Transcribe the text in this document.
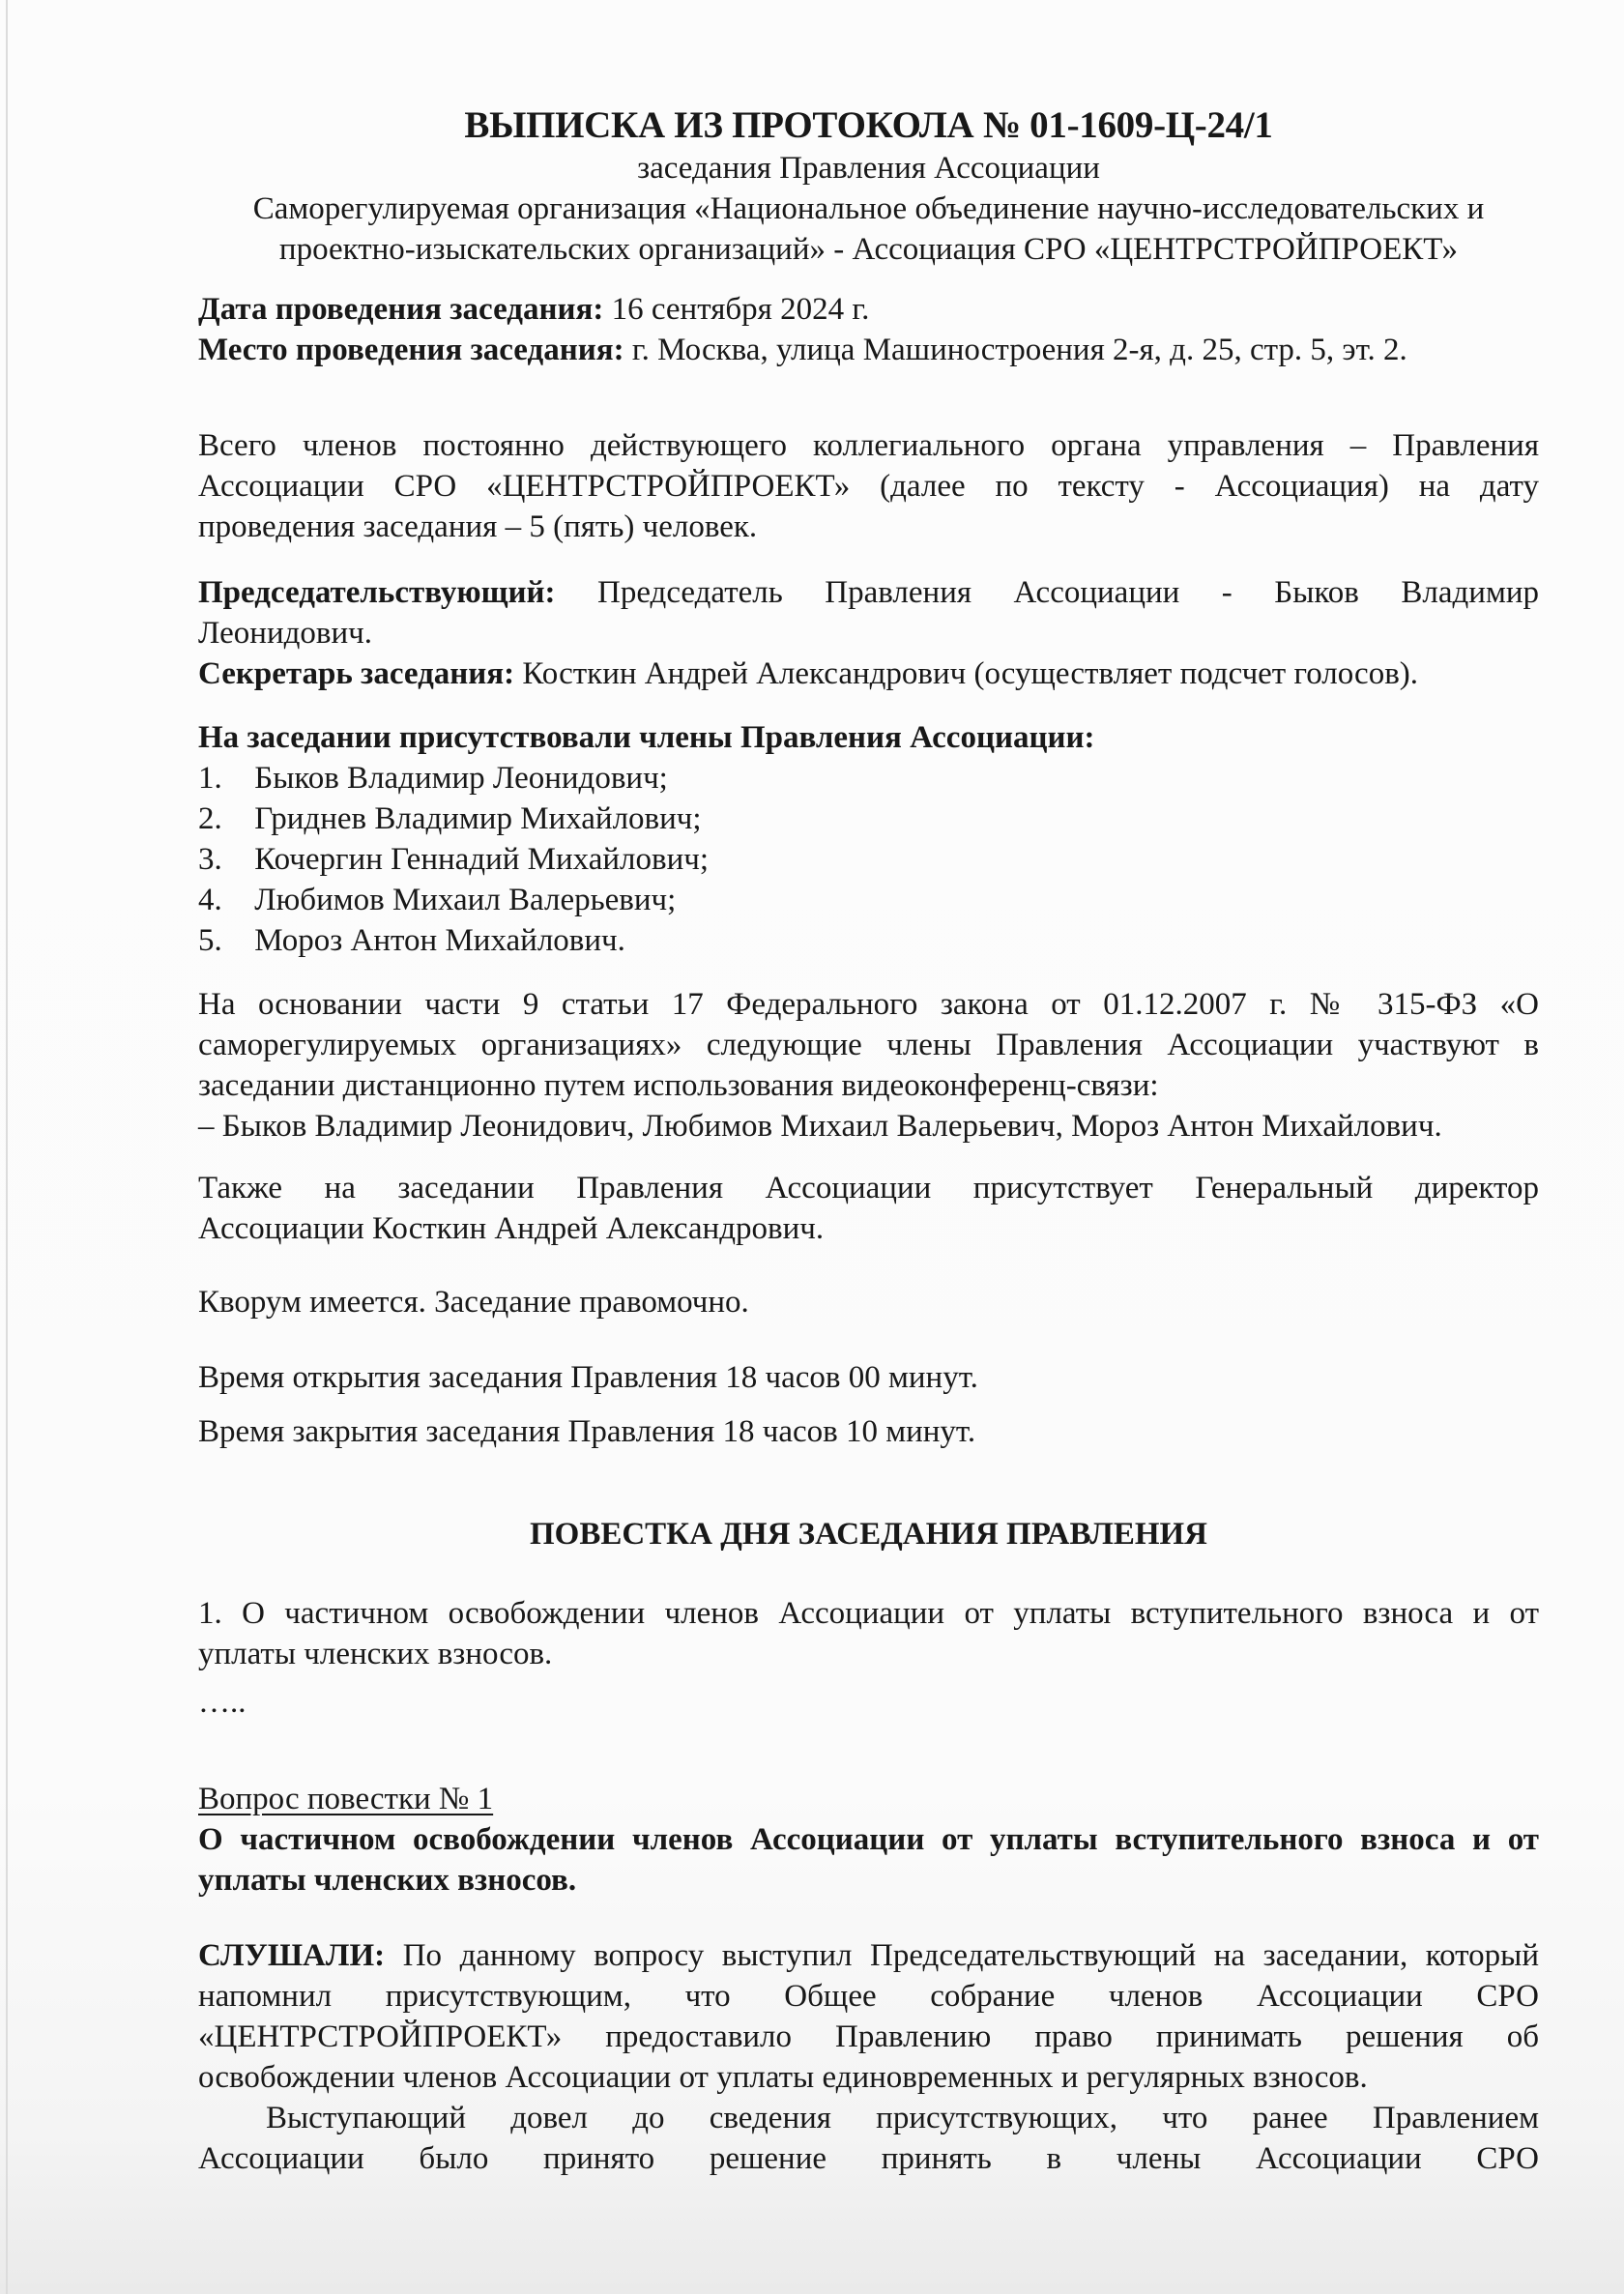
ВЫПИСКА ИЗ ПРОТОКОЛА № 01-1609-Ц-24/1
заседания Правления Ассоциации
Саморегулируемая организация «Национальное объединение научно-исследовательских и
проектно-изыскательских организаций» - Ассоциация СРО «ЦЕНТРСТРОЙПРОЕКТ»
Дата проведения заседания: 16 сентября 2024 г.
Место проведения заседания: г. Москва, улица Машиностроения 2-я, д. 25, стр. 5, эт. 2.
Всего членов постоянно действующего коллегиального органа управления – Правления
Ассоциации СРО «ЦЕНТРСТРОЙПРОЕКТ» (далее по тексту - Ассоциация) на дату
проведения заседания – 5 (пять) человек.
Председательствующий: Председатель Правления Ассоциации - Быков Владимир
Леонидович.
Секретарь заседания: Косткин Андрей Александрович (осуществляет подсчет голосов).
На заседании присутствовали члены Правления Ассоциации:
1. Быков Владимир Леонидович;
2. Гриднев Владимир Михайлович;
3. Кочергин Геннадий Михайлович;
4. Любимов Михаил Валерьевич;
5. Мороз Антон Михайлович.
На основании части 9 статьи 17 Федерального закона от 01.12.2007 г. № 315-ФЗ «О
саморегулируемых организациях» следующие члены Правления Ассоциации участвуют в
заседании дистанционно путем использования видеоконференц-связи:
– Быков Владимир Леонидович, Любимов Михаил Валерьевич, Мороз Антон Михайлович.
Также на заседании Правления Ассоциации присутствует Генеральный директор
Ассоциации Косткин Андрей Александрович.
Кворум имеется. Заседание правомочно.
Время открытия заседания Правления 18 часов 00 минут.
Время закрытия заседания Правления 18 часов 10 минут.
ПОВЕСТКА ДНЯ ЗАСЕДАНИЯ ПРАВЛЕНИЯ
1. О частичном освобождении членов Ассоциации от уплаты вступительного взноса и от
уплаты членских взносов.
…..
Вопрос повестки № 1
О частичном освобождении членов Ассоциации от уплаты вступительного взноса и от
уплаты членских взносов.
СЛУШАЛИ: По данному вопросу выступил Председательствующий на заседании, который
напомнил присутствующим, что Общее собрание членов Ассоциации СРО
«ЦЕНТРСТРОЙПРОЕКТ» предоставило Правлению право принимать решения об
освобождении членов Ассоциации от уплаты единовременных и регулярных взносов.
Выступающий довел до сведения присутствующих, что ранее Правлением
Ассоциации было принято решение принять в члены Ассоциации СРО
